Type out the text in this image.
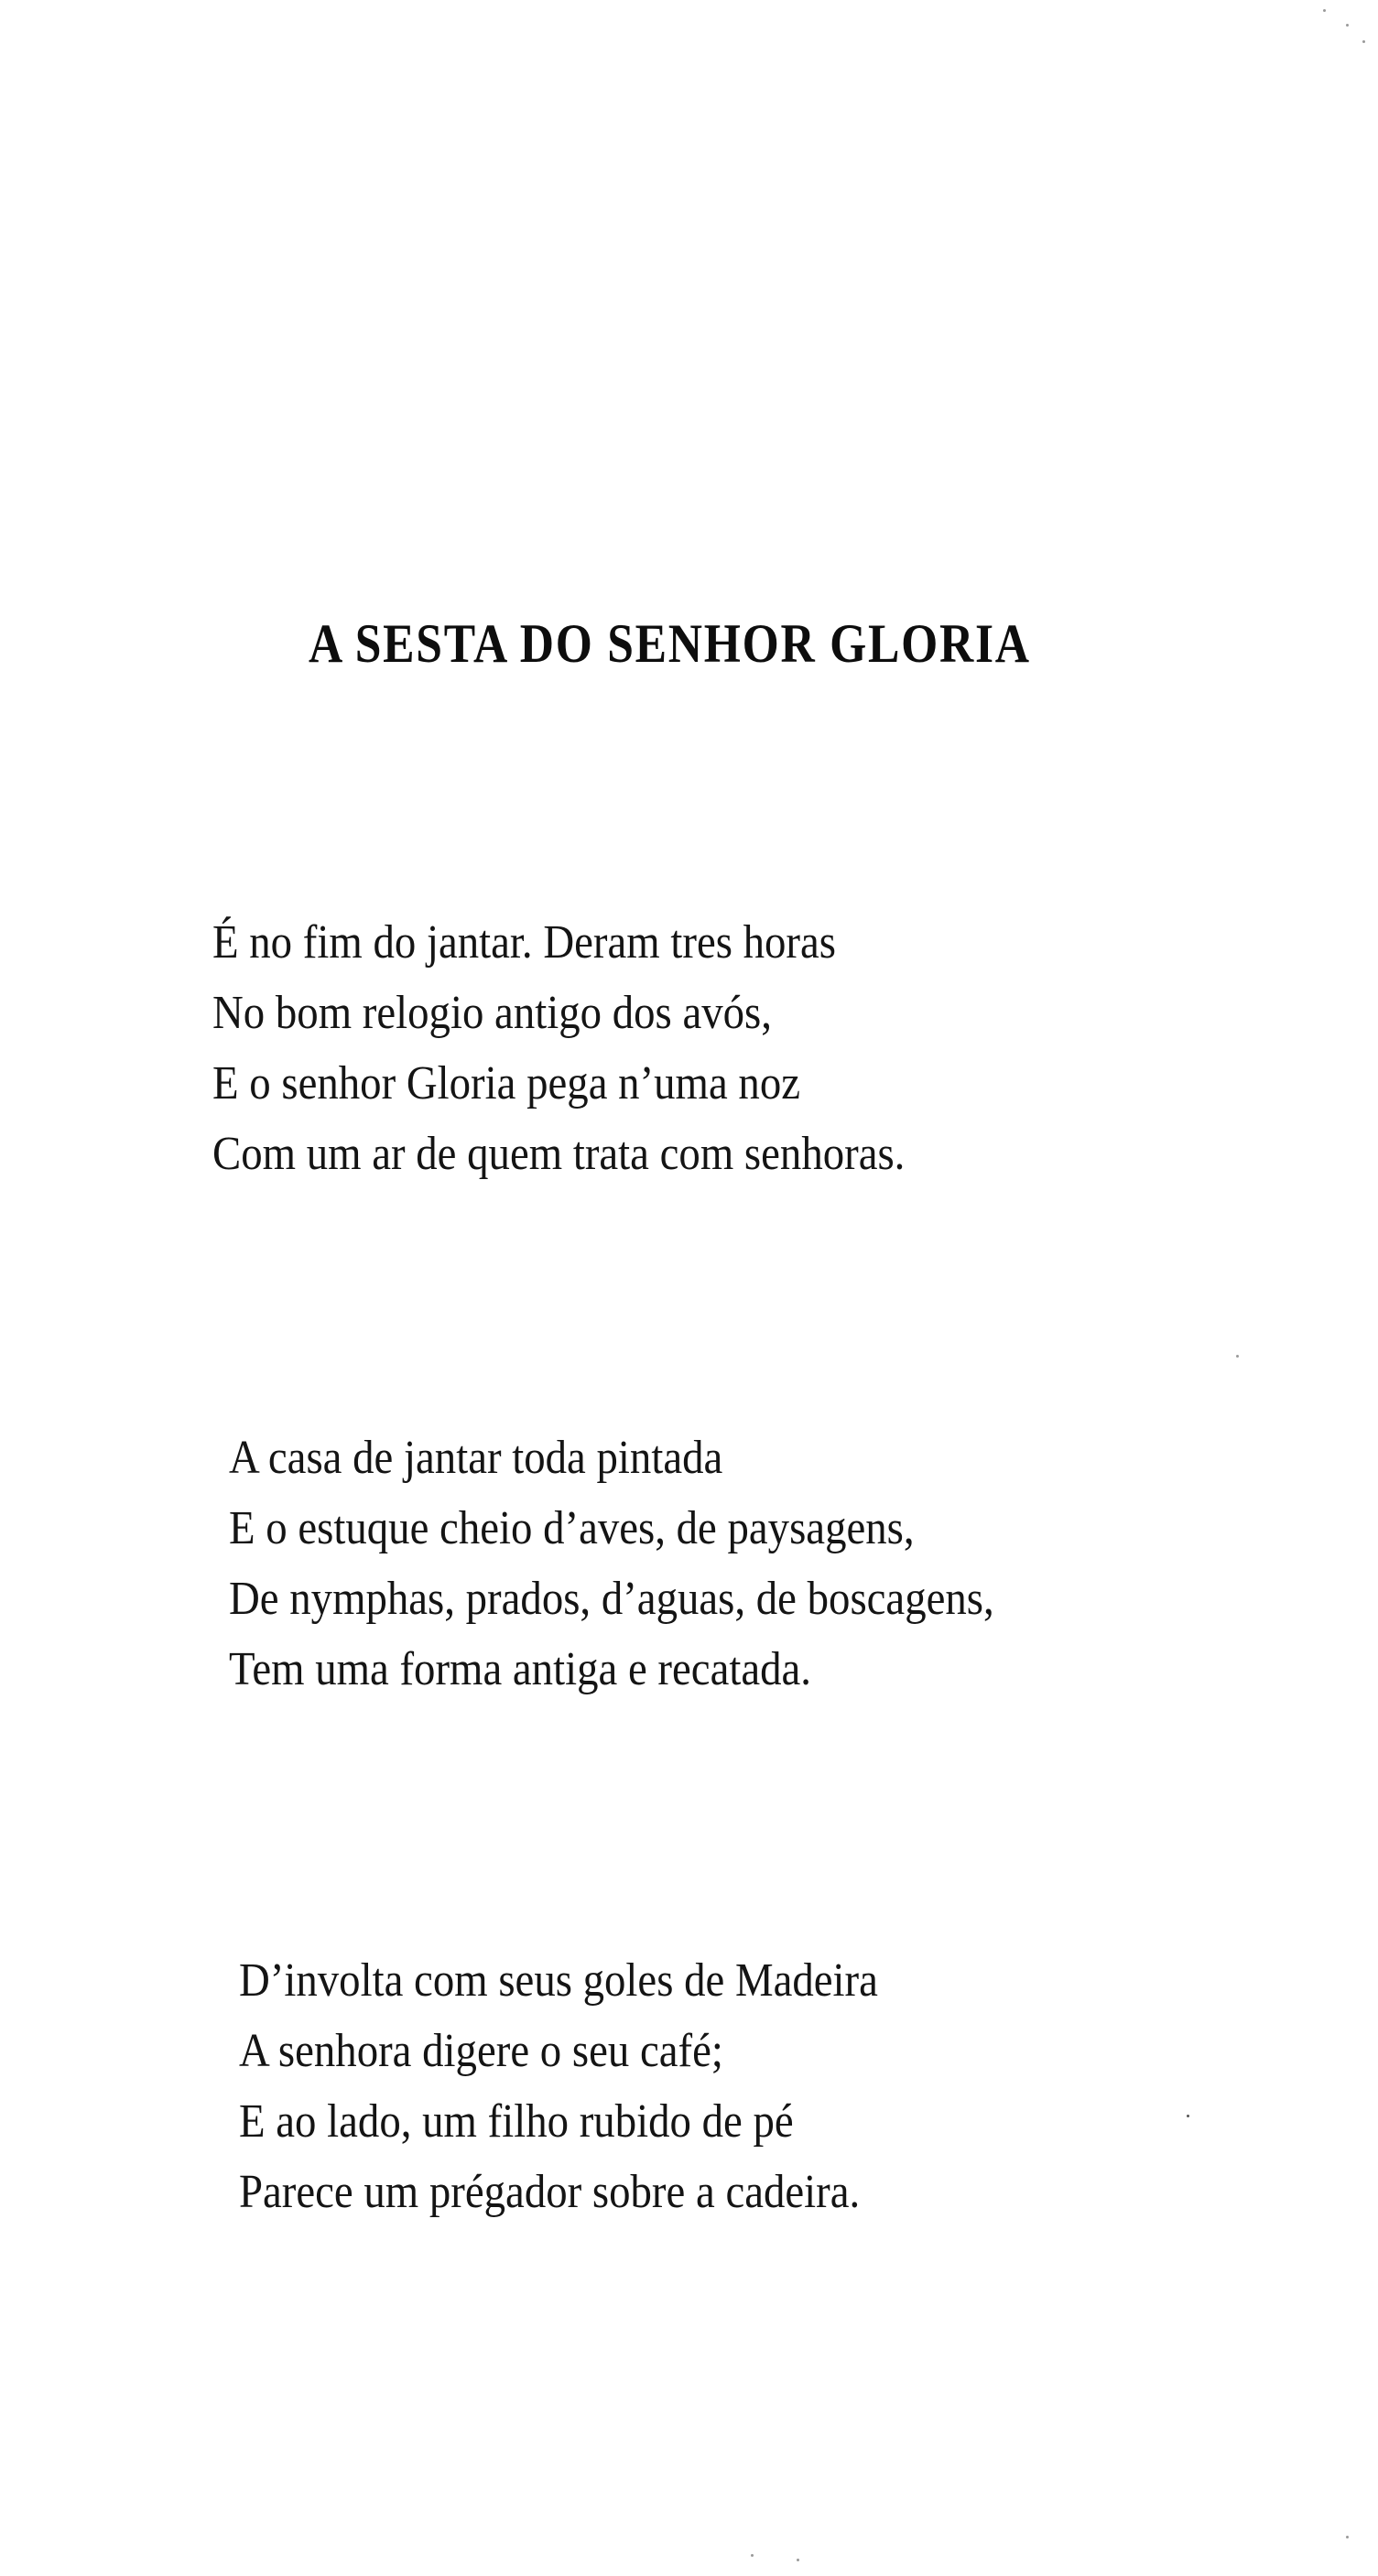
A SESTA DO SENHOR GLORIA
É no fim do jantar. Deram tres horas
No bom relogio antigo dos avós,
E o senhor Gloria pega n’uma noz
Com um ar de quem trata com senhoras.
A casa de jantar toda pintada
E o estuque cheio d’aves, de paysagens,
De nymphas, prados, d’aguas, de boscagens,
Tem uma forma antiga e recatada.
D’involta com seus goles de Madeira
A senhora digere o seu café;
E ao lado, um filho rubido de pé
Parece um prégador sobre a cadeira.
